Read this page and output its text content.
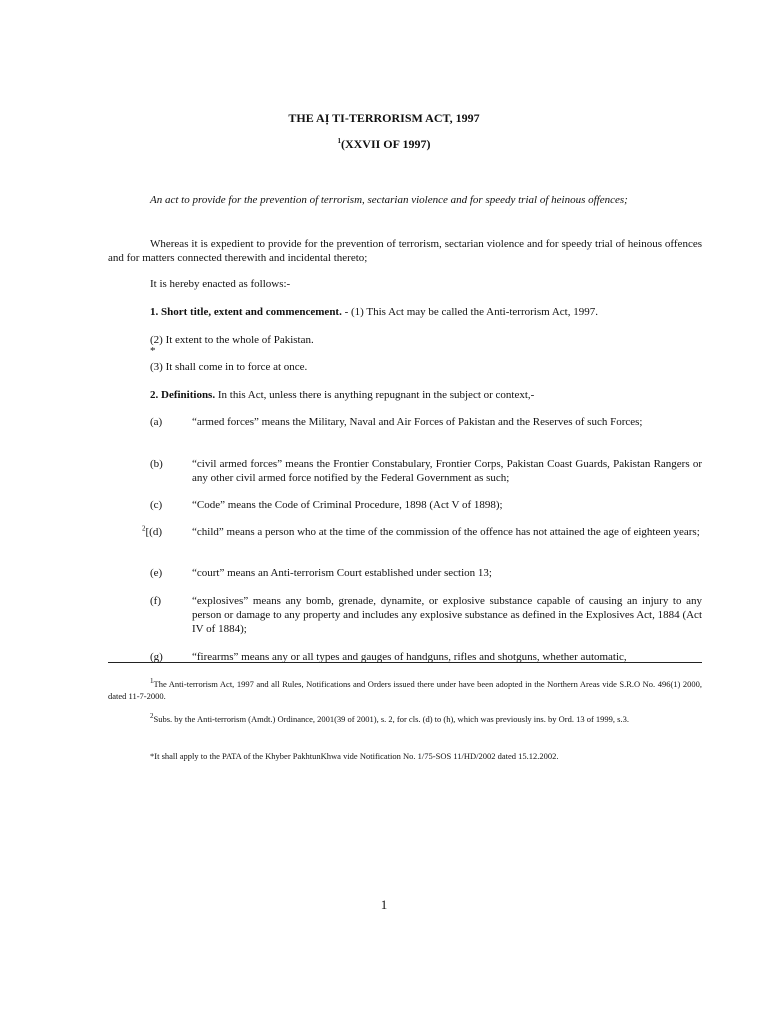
THE AỊ TI-TERRORISM ACT, 1997
$^1$(XXVII OF 1997)
An act to provide for the prevention of terrorism, sectarian violence and for speedy trial of heinous offences;
Whereas it is expedient to provide for the prevention of terrorism, sectarian violence and for speedy trial of heinous offences and for matters connected therewith and incidental thereto;
It is hereby enacted as follows:-
1. Short title, extent and commencement. - (1) This Act may be called the Anti-terrorism Act, 1997.
(2) It extent to the whole of Pakistan.
*
(3) It shall come in to force at once.
2. Definitions. In this Act, unless there is anything repugnant in the subject or context,-
(a)	“armed forces” means the Military, Naval and Air Forces of Pakistan and the Reserves of such Forces;
(b)	“civil armed forces” means the Frontier Constabulary, Frontier Corps, Pakistan Coast Guards, Pakistan Rangers or any other civil armed force notified by the Federal Government as such;
(c)	“Code” means the Code of Criminal Procedure, 1898 (Act V of 1898);
$^2$[(d)	“child” means a person who at the time of the commission of the offence has not attained the age of eighteen years;
(e)	“court” means an Anti-terrorism Court established under section 13;
(f)	“explosives” means any bomb, grenade, dynamite, or explosive substance capable of causing an injury to any person or damage to any property and includes any explosive substance as defined in the Explosives Act, 1884 (Act IV of 1884);
(g)	“firearms” means any or all types and gauges of handguns, rifles and shotguns, whether automatic,
$^1$The Anti-terrorism Act, 1997 and all Rules, Notifications and Orders issued there under have been adopted in the Northern Areas vide S.R.O No. 496(1) 2000, dated 11-7-2000.
$^2$Subs. by the Anti-terrorism (Amdt.) Ordinance, 2001(39 of 2001), s. 2, for cls. (d) to (h), which was previously ins. by Ord. 13 of 1999, s.3.
*It shall apply to the PATA of the Khyber PakhtunKhwa vide Notification No. 1/75-SOS 11/HD/2002 dated 15.12.2002.
1
